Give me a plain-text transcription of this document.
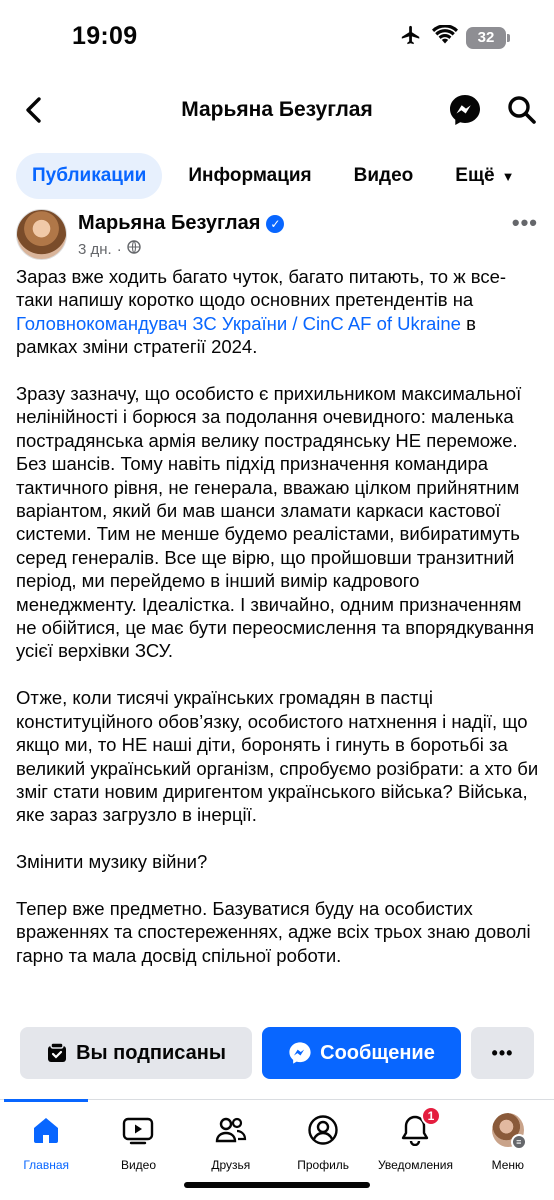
19:09	32
Марьяна Безуглая
Публикации	Информация	Видео	Ещё ▼
Марьяна Безуглая ✓
3 дн. ·
•••

Зараз вже ходить багато чуток, багато питають, то ж все-таки напишу коротко щодо основних претендентів на Головнокомандувач ЗС України / CinC AF of Ukraine в рамках зміни стратегії 2024.

Зразу зазначу, що особисто є прихильником максимальної нелінійності і борюся за подолання очевидного: маленька пострадянська армія велику пострадянську НЕ переможе. Без шансів. Тому навіть підхід призначення командира тактичного рівня, не генерала, вважаю цілком прийнятним варіантом, який би мав шанси зламати каркаси кастової системи. Тим не менше будемо реалістами, вибиратимуть серед генералів. Все ще вірю, що пройшовши транзитний період, ми перейдемо в інший вимір кадрового менеджменту. Ідеалістка. І звичайно, одним призначенням не обійтися, це має бути переосмислення та впорядкування усієї верхівки ЗСУ.

Отже, коли тисячі українських громадян в пастці конституційного обов’язку, особистого натхнення і надії, що якщо ми, то НЕ наші діти, боронять і гинуть в боротьбі за великий український організм, спробуємо розібрати: а хто би зміг стати новим диригентом українського війська? Війська, яке зараз загрузло в інерції.

Змінити музику війни?

Тепер вже предметно. Базуватися буду на особистих враженнях та спостереженнях, адже всіх трьох знаю доволі гарно та мала досвід спільної роботи.

Вы подписаны	Сообщение	•••
Главная	Видео	Друзья	Профиль
1
Уведомления
≡
Меню
